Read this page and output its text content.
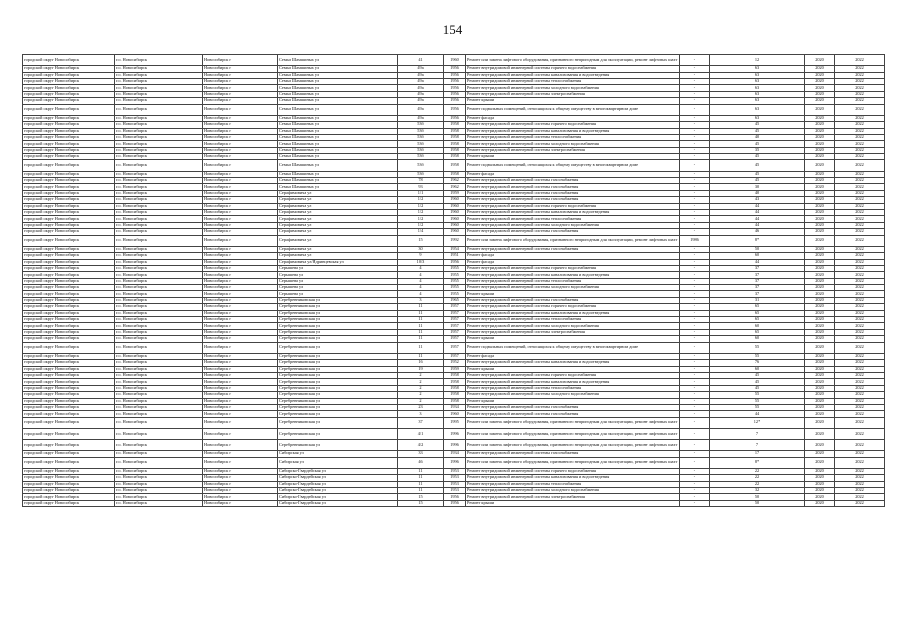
154
городской округ Новосибирск	г.о. Новосибирск	Новосибирск г	Семьи Шамшиных ул	41	1960	Ремонт или замена лифтового оборудования, признанного непригодным для эксплуатации, ремонт лифтовых шахт	-	12	2020	2022
городской округ Новосибирск	г.о. Новосибирск	Новосибирск г	Семьи Шамшиных ул	49а	1956	Ремонт внутридомовой инженерной системы горячего водоснабжения	-	63	2020	2022
городской округ Новосибирск	г.о. Новосибирск	Новосибирск г	Семьи Шамшиных ул	49а	1956	Ремонт внутридомовой инженерной системы канализования и водоотведения	-	63	2020	2022
городской округ Новосибирск	г.о. Новосибирск	Новосибирск г	Семьи Шамшиных ул	49а	1956	Ремонт внутридомовой инженерной системы теплоснабжения	-	63	2020	2022
городской округ Новосибирск	г.о. Новосибирск	Новосибирск г	Семьи Шамшиных ул	49а	1956	Ремонт внутридомовой инженерной системы холодного водоснабжения	-	63	2020	2022
городской округ Новосибирск	г.о. Новосибирск	Новосибирск г	Семьи Шамшиных ул	49а	1956	Ремонт внутридомовой инженерной системы электроснабжения	-	63	2020	2022
городской округ Новосибирск	г.о. Новосибирск	Новосибирск г	Семьи Шамшиных ул	49а	1956	Ремонт крыши	-	63	2020	2022
городской округ Новосибирск	г.о. Новосибирск	Новосибирск г	Семьи Шамшиных ул	49а	1956	Ремонт подвальных помещений, относящихся к общему имуществу в многоквартирном доме	-	63	2020	2022
городской округ Новосибирск	г.о. Новосибирск	Новосибирск г	Семьи Шамшиных ул	49а	1956	Ремонт фасада	-	63	2020	2022
городской округ Новосибирск	г.о. Новосибирск	Новосибирск г	Семьи Шамшиных ул	53б	1958	Ремонт внутридомовой инженерной системы горячего водоснабжения	-	45	2020	2022
городской округ Новосибирск	г.о. Новосибирск	Новосибирск г	Семьи Шамшиных ул	53б	1958	Ремонт внутридомовой инженерной системы канализования и водоотведения	-	45	2020	2022
городской округ Новосибирск	г.о. Новосибирск	Новосибирск г	Семьи Шамшиных ул	53б	1958	Ремонт внутридомовой инженерной системы теплоснабжения	-	40	2020	2022
городской округ Новосибирск	г.о. Новосибирск	Новосибирск г	Семьи Шамшиных ул	53б	1958	Ремонт внутридомовой инженерной системы холодного водоснабжения	-	45	2020	2022
городской округ Новосибирск	г.о. Новосибирск	Новосибирск г	Семьи Шамшиных ул	53б	1958	Ремонт внутридомовой инженерной системы электроснабжения	-	35	2020	2022
городской округ Новосибирск	г.о. Новосибирск	Новосибирск г	Семьи Шамшиных ул	53б	1958	Ремонт крыши	-	45	2020	2022
городской округ Новосибирск	г.о. Новосибирск	Новосибирск г	Семьи Шамшиных ул	53б	1958	Ремонт подвальных помещений, относящихся к общему имуществу в многоквартирном доме	-	45	2020	2022
городской округ Новосибирск	г.о. Новосибирск	Новосибирск г	Семьи Шамшиных ул	53б	1958	Ремонт фасада	-	45	2020	2022
городской округ Новосибирск	г.о. Новосибирск	Новосибирск г	Семьи Шамшиных ул	78	1962	Ремонт внутридомовой инженерной системы газоснабжения	-	45	2020	2022
городской округ Новосибирск	г.о. Новосибирск	Новосибирск г	Семьи Шамшиных ул	93	1962	Ремонт внутридомовой инженерной системы газоснабжения	-	30	2020	2022
городской округ Новосибирск	г.о. Новосибирск	Новосибирск г	Серафимовича ул	1/1	1959	Ремонт внутридомовой инженерной системы газоснабжения	-	40	2020	2022
городской округ Новосибирск	г.о. Новосибирск	Новосибирск г	Серафимовича ул	1/2	1960	Ремонт внутридомовой инженерной системы газоснабжения	-	43	2020	2022
городской округ Новосибирск	г.о. Новосибирск	Новосибирск г	Серафимовича ул	1/2	1960	Ремонт внутридомовой инженерной системы горячего водоснабжения	-	44	2020	2022
городской округ Новосибирск	г.о. Новосибирск	Новосибирск г	Серафимовича ул	1/2	1960	Ремонт внутридомовой инженерной системы канализования и водоотведения	-	44	2020	2022
городской округ Новосибирск	г.о. Новосибирск	Новосибирск г	Серафимовича ул	1/2	1960	Ремонт внутридомовой инженерной системы теплоснабжения	-	44	2020	2022
городской округ Новосибирск	г.о. Новосибирск	Новосибирск г	Серафимовича ул	1/2	1960	Ремонт внутридомовой инженерной системы холодного водоснабжения	-	44	2020	2022
городской округ Новосибирск	г.о. Новосибирск	Новосибирск г	Серафимовича ул	1/4	1960	Ремонт внутридомовой инженерной системы газоснабжения	-	46	2020	2022
городской округ Новосибирск	г.о. Новосибирск	Новосибирск г	Серафимовича ул	15	1992	Ремонт или замена лифтового оборудования, признанного непригодным для эксплуатации, ремонт лифтовых шахт	1986	8*	2020	2022
городской округ Новосибирск	г.о. Новосибирск	Новосибирск г	Серафимовича ул	30	1954	Ремонт внутридомовой инженерной системы газоснабжения	-	50	2020	2022
городской округ Новосибирск	г.о. Новосибирск	Новосибирск г	Серафимовича ул	9	1951	Ремонт фасада	-	60	2020	2022
городской округ Новосибирск	г.о. Новосибирск	Новосибирск г	Серафимовича ул/Ядринцевская ул	10/3	1956	Ремонт фасада	-	44	2020	2022
городской округ Новосибирск	г.о. Новосибирск	Новосибирск г	Серышева ул	4	1955	Ремонт внутридомовой инженерной системы горячего водоснабжения	-	37	2020	2022
городской округ Новосибирск	г.о. Новосибирск	Новосибирск г	Серышева ул	4	1955	Ремонт внутридомовой инженерной системы канализования и водоотведения	-	37	2020	2022
городской округ Новосибирск	г.о. Новосибирск	Новосибирск г	Серышева ул	4	1955	Ремонт внутридомовой инженерной системы теплоснабжения	-	37	2020	2022
городской округ Новосибирск	г.о. Новосибирск	Новосибирск г	Серышева ул	4	1955	Ремонт внутридомовой инженерной системы холодного водоснабжения	-	37	2020	2022
городской округ Новосибирск	г.о. Новосибирск	Новосибирск г	Серышева ул	4	1955	Ремонт крыши	-	37	2020	2022
городской округ Новосибирск	г.о. Новосибирск	Новосибирск г	Серебренниковская ул	3	1965	Ремонт внутридомовой инженерной системы газоснабжения	-	31	2020	2022
городской округ Новосибирск	г.о. Новосибирск	Новосибирск г	Серебренниковская ул	11	1957	Ремонт внутридомовой инженерной системы горячего водоснабжения	-	65	2020	2022
городской округ Новосибирск	г.о. Новосибирск	Новосибирск г	Серебренниковская ул	11	1957	Ремонт внутридомовой инженерной системы канализования и водоотведения	-	65	2020	2022
городской округ Новосибирск	г.о. Новосибирск	Новосибирск г	Серебренниковская ул	11	1957	Ремонт внутридомовой инженерной системы теплоснабжения	-	65	2020	2022
городской округ Новосибирск	г.о. Новосибирск	Новосибирск г	Серебренниковская ул	11	1957	Ремонт внутридомовой инженерной системы холодного водоснабжения	-	60	2020	2022
городской округ Новосибирск	г.о. Новосибирск	Новосибирск г	Серебренниковская ул	11	1957	Ремонт внутридомовой инженерной системы электроснабжения	-	65	2020	2022
городской округ Новосибирск	г.о. Новосибирск	Новосибирск г	Серебренниковская ул	11	1957	Ремонт крыши	-	60	2020	2022
городской округ Новосибирск	г.о. Новосибирск	Новосибирск г	Серебренниковская ул	11	1957	Ремонт подвальных помещений, относящихся к общему имуществу в многоквартирном доме	-	55	2020	2022
городской округ Новосибирск	г.о. Новосибирск	Новосибирск г	Серебренниковская ул	11	1957	Ремонт фасада	-	55	2020	2022
городской округ Новосибирск	г.о. Новосибирск	Новосибирск г	Серебренниковская ул	16	1952	Ремонт внутридомовой инженерной системы канализования и водоотведения	-	76	2020	2022
городской округ Новосибирск	г.о. Новосибирск	Новосибирск г	Серебренниковская ул	19	1959	Ремонт крыши	-	60	2020	2022
городской округ Новосибирск	г.о. Новосибирск	Новосибирск г	Серебренниковская ул	2	1958	Ремонт внутридомовой инженерной системы горячего водоснабжения	-	45	2020	2022
городской округ Новосибирск	г.о. Новосибирск	Новосибирск г	Серебренниковская ул	2	1958	Ремонт внутридомовой инженерной системы канализования и водоотведения	-	45	2020	2022
городской округ Новосибирск	г.о. Новосибирск	Новосибирск г	Серебренниковская ул	2	1958	Ремонт внутридомовой инженерной системы теплоснабжения	-	45	2020	2022
городской округ Новосибирск	г.о. Новосибирск	Новосибирск г	Серебренниковская ул	2	1958	Ремонт внутридомовой инженерной системы холодного водоснабжения	-	55	2020	2022
городской округ Новосибирск	г.о. Новосибирск	Новосибирск г	Серебренниковская ул	2	1958	Ремонт крыши	-	55	2020	2022
городской округ Новосибирск	г.о. Новосибирск	Новосибирск г	Серебренниковская ул	23	1934	Ремонт внутридомовой инженерной системы газоснабжения	-	55	2020	2022
городской округ Новосибирск	г.о. Новосибирск	Новосибирск г	Серебренниковская ул	3	1960	Ремонт внутридомовой инженерной системы газоснабжения	-	44	2020	2022
городской округ Новосибирск	г.о. Новосибирск	Новосибирск г	Серебренниковская ул	37	1995	Ремонт или замена лифтового оборудования, признанного непригодным для эксплуатации, ремонт лифтовых шахт	-	12*	2020	2022
городской округ Новосибирск	г.о. Новосибирск	Новосибирск г	Серебренниковская ул	4/1	1996	Ремонт или замена лифтового оборудования, признанного непригодным для эксплуатации, ремонт лифтовых шахт	-	7	2020	2022
городской округ Новосибирск	г.о. Новосибирск	Новосибирск г	Серебренниковская ул	4/2	1996	Ремонт или замена лифтового оборудования, признанного непригодным для эксплуатации, ремонт лифтовых шахт	-	7	2020	2022
городской округ Новосибирск	г.о. Новосибирск	Новосибирск г	Сибирская ул	33	1934	Ремонт внутридомовой инженерной системы газоснабжения	-	17	2020	2022
городской округ Новосибирск	г.о. Новосибирск	Новосибирск г	Сибирская ул	46	1996	Ремонт или замена лифтового оборудования, признанного непригодным для эксплуатации, ремонт лифтовых шахт	-	8*	2020	2022
городской округ Новосибирск	г.о. Новосибирск	Новосибирск г	Сибирско-Гвардейская ул	11	1953	Ремонт внутридомовой инженерной системы горячего водоснабжения	-	22	2020	2022
городской округ Новосибирск	г.о. Новосибирск	Новосибирск г	Сибирско-Гвардейская ул	11	1953	Ремонт внутридомовой инженерной системы канализования и водоотведения	-	22	2020	2022
городской округ Новосибирск	г.о. Новосибирск	Новосибирск г	Сибирско-Гвардейская ул	11	1953	Ремонт внутридомовой инженерной системы теплоснабжения	-	22	2020	2022
городской округ Новосибирск	г.о. Новосибирск	Новосибирск г	Сибирско-Гвардейская ул	11	1953	Ремонт внутридомовой инженерной системы холодного водоснабжения	-	32	2020	2022
городской округ Новосибирск	г.о. Новосибирск	Новосибирск г	Сибирско-Гвардейская ул	15	1956	Ремонт внутридомовой инженерной системы электроснабжения	-	50	2020	2022
городской округ Новосибирск	г.о. Новосибирск	Новосибирск г	Сибирско-Гвардейская ул	15	1956	Ремонт крыши	-	50	2020	2022
